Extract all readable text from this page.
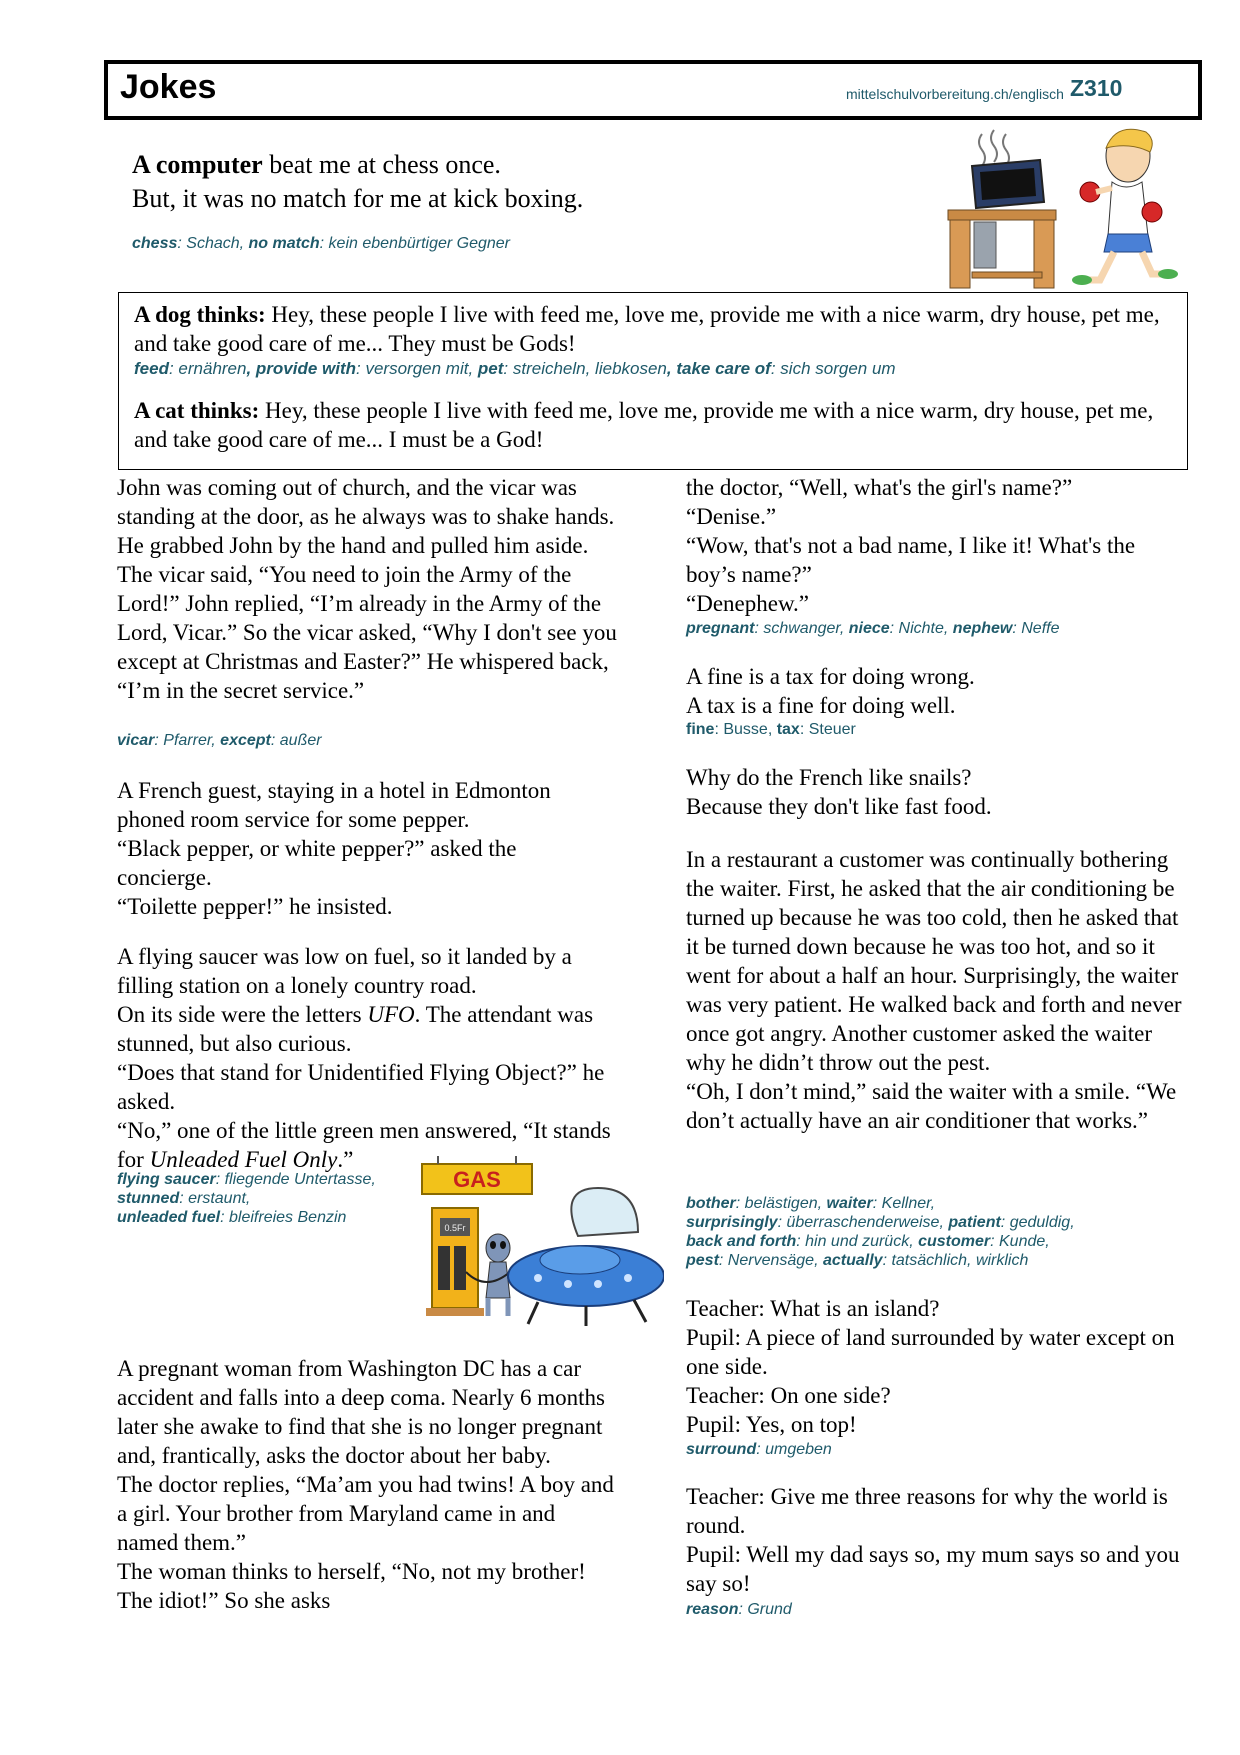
Jokes	mittelschulvorbereitung.ch/englisch Z310

A computer beat me at chess once.

But, it was no match for me at kick boxing.

chess: Schach, no match: kein ebenbürtiger Gegner

A dog thinks: Hey, these people I live with feed me, love me, provide me with a nice warm, dry house, pet me, and take good care of me... They must be Gods!

feed: ernähren, provide with: versorgen mit, pet: streicheln, liebkosen, take care of: sich sorgen um

A cat thinks: Hey, these people I live with feed me, love me, provide me with a nice warm, dry house, pet me, and take good care of me... I must be a God!

John was coming out of church, and the vicar was standing at the door, as he always was to shake hands. He grabbed John by the hand and pulled him aside. The vicar said, “You need to join the Army of the Lord!” John replied, “I’m already in the Army of the Lord, Vicar.” So the vicar asked, “Why I don't see you except at Christmas and Easter?” He whispered back, “I’m in the secret service.”

vicar: Pfarrer, except: außer

A French guest, staying in a hotel in Edmonton phoned room service for some pepper.

“Black pepper, or white pepper?” asked the concierge.

“Toilette pepper!” he insisted.

A flying saucer was low on fuel, so it landed by a filling station on a lonely country road.

On its side were the letters UFO. The attendant was stunned, but also curious.

“Does that stand for Unidentified Flying Object?” he asked.

“No,” one of the little green men answered, “It stands for Unleaded Fuel Only.”

flying saucer: fliegende Untertasse,
stunned: erstaunt,
unleaded fuel: bleifreies Benzin
GAS
0.5Fr

A pregnant woman from Washington DC has a car accident and falls into a deep coma. Nearly 6 months later she awake to find that she is no longer pregnant and, frantically, asks the doctor about her baby.

The doctor replies, “Ma’am you had twins! A boy and a girl. Your brother from Maryland came in and named them.”

The woman thinks to herself, “No, not my brother! The idiot!” So she asks

the doctor, “Well, what's the girl's name?”

“Denise.”

“Wow, that's not a bad name, I like it! What's the boy’s name?”

“Denephew.”

pregnant: schwanger, niece: Nichte, nephew: Neffe

A fine is a tax for doing wrong.

A tax is a fine for doing well.

fine: Busse, tax: Steuer

Why do the French like snails?

Because they don't like fast food.

In a restaurant a customer was continually bothering the waiter. First, he asked that the air conditioning be turned up because he was too cold, then he asked that it be turned down because he was too hot, and so it went for about a half an hour. Surprisingly, the waiter was very patient. He walked back and forth and never once got angry. Another customer asked the waiter why he didn’t throw out the pest.

“Oh, I don’t mind,” said the waiter with a smile. “We don’t actually have an air conditioner that works.”

bother: belästigen, waiter: Kellner,
surprisingly: überraschenderweise, patient: geduldig,
back and forth: hin und zurück, customer: Kunde,
pest: Nervensäge, actually: tatsächlich, wirklich

Teacher: What is an island?

Pupil: A piece of land surrounded by water except on one side.

Teacher: On one side?

Pupil: Yes, on top!

surround: umgeben

Teacher: Give me three reasons for why the world is round.

Pupil: Well my dad says so, my mum says so and you say so!

reason: Grund
